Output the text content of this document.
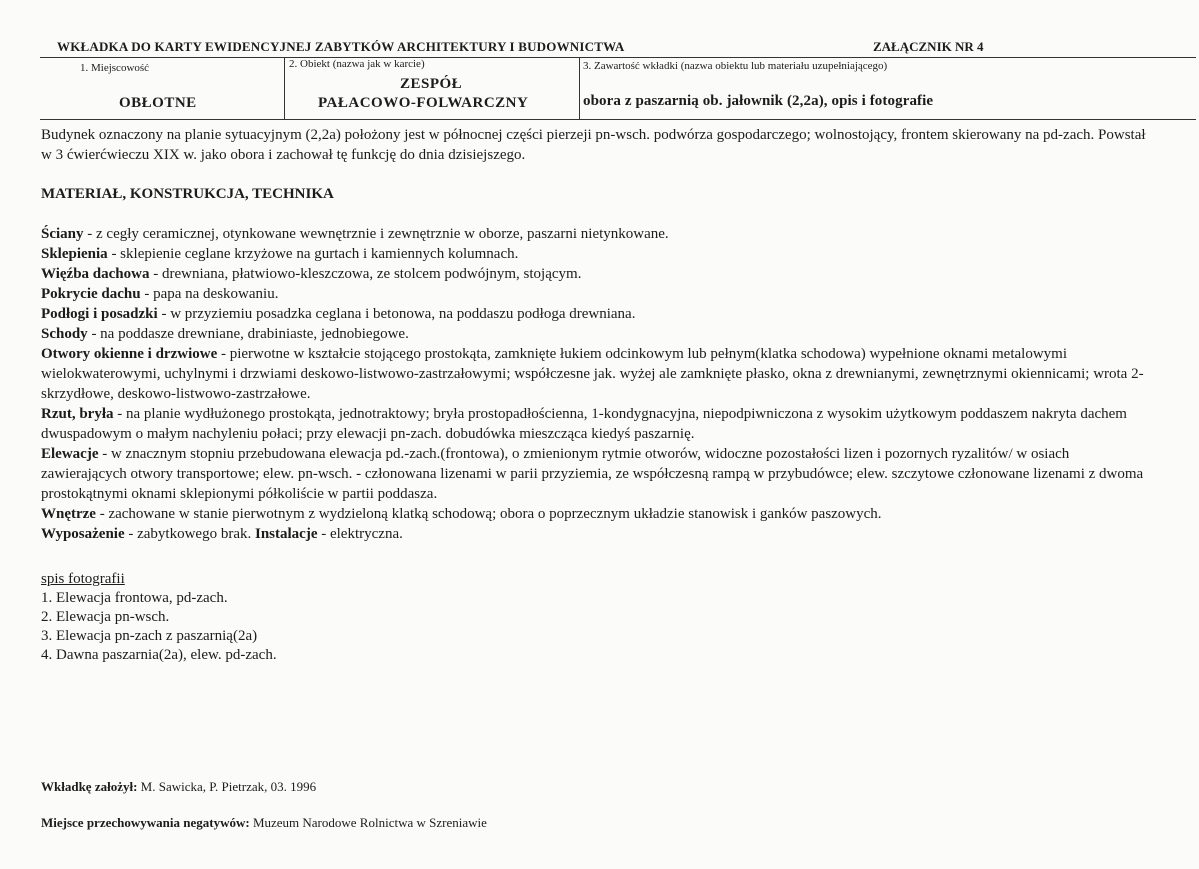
WKŁADKA DO KARTY EWIDENCYJNEJ ZABYTKÓW ARCHITEKTURY I BUDOWNICTWA	ZAŁĄCZNIK NR 4
1. Miejscowość
OBŁOTNE
2. Obiekt (nazwa jak w karcie)
ZESPÓŁ
PAŁACOWO-FOLWARCZNY
3. Zawartość wkładki (nazwa obiektu lub materiału uzupełniającego)
obora z paszarnią ob. jałownik (2,2a), opis i fotografie
Budynek oznaczony na planie sytuacyjnym (2,2a) położony jest w północnej części pierzeji pn-wsch. podwórza gospodarczego; wolnostojący, frontem skierowany na pd-zach. Powstał w 3 ćwierćwieczu XIX w. jako obora i zachował tę funkcję do dnia dzisiejszego.
MATERIAŁ, KONSTRUKCJA, TECHNIKA

Ściany - z cegły ceramicznej, otynkowane wewnętrznie i zewnętrznie w oborze, paszarni nietynkowane.

Sklepienia - sklepienie ceglane krzyżowe na gurtach i kamiennych kolumnach.

Więźba dachowa - drewniana, płatwiowo-kleszczowa, ze stolcem podwójnym, stojącym.

Pokrycie dachu - papa na deskowaniu.

Podłogi i posadzki - w przyziemiu posadzka ceglana i betonowa, na poddaszu podłoga drewniana.

Schody - na poddasze drewniane, drabiniaste, jednobiegowe.

Otwory okienne i drzwiowe - pierwotne w kształcie stojącego prostokąta, zamknięte łukiem odcinkowym lub pełnym(klatka schodowa) wypełnione oknami metalowymi wielokwaterowymi, uchylnymi i drzwiami deskowo-listwowo-zastrzałowymi; współczesne jak. wyżej ale zamknięte płasko, okna z drewnianymi, zewnętrznymi okiennicami; wrota 2-skrzydłowe, deskowo-listwowo-zastrzałowe.

Rzut, bryła - na planie wydłużonego prostokąta, jednotraktowy; bryła prostopadłościenna, 1-kondygnacyjna, niepodpiwniczona z wysokim użytkowym poddaszem nakryta dachem dwuspadowym o małym nachyleniu połaci; przy elewacji pn-zach. dobudówka mieszcząca kiedyś paszarnię.

Elewacje - w znacznym stopniu przebudowana elewacja pd.-zach.(frontowa), o zmienionym rytmie otworów, widoczne pozostałości lizen i pozornych ryzalitów/ w osiach zawierających otwory transportowe; elew. pn-wsch. - członowana lizenami w parii przyziemia, ze współczesną rampą w przybudówce; elew. szczytowe członowane lizenami z dwoma prostokątnymi oknami sklepionymi półkoliście w partii poddasza.

Wnętrze - zachowane w stanie pierwotnym z wydzieloną klatką schodową; obora o poprzecznym układzie stanowisk i ganków paszowych.

Wyposażenie - zabytkowego brak. Instalacje - elektryczna.

spis fotografii
1. Elewacja frontowa, pd-zach.
2. Elewacja pn-wsch.
3. Elewacja pn-zach z paszarnią(2a)
4. Dawna paszarnia(2a), elew. pd-zach.
Wkładkę założył: M. Sawicka, P. Pietrzak, 03. 1996
Miejsce przechowywania negatywów: Muzeum Narodowe Rolnictwa w Szreniawie
